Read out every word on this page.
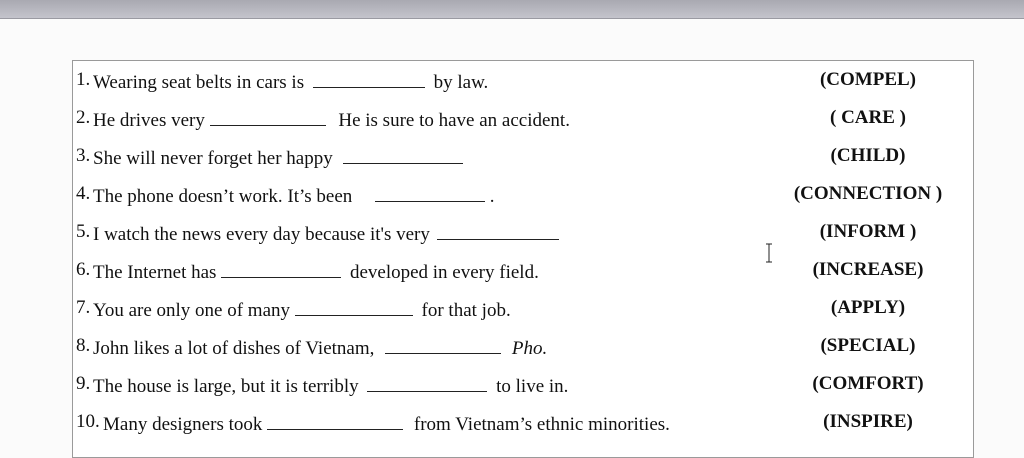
1. Wearing seat belts in cars is	by law.	(COMPEL)
2. He drives very	He is sure to have an accident.	( CARE )
3. She will never forget her happy	(CHILD)
4. The phone doesn’t work. It’s been	.	(CONNECTION )
5. I watch the news every day because it's very	(INFORM )
6. The Internet has	developed in every field.	(INCREASE)
7. You are only one of many	for that job.	(APPLY)
8. John likes a lot of dishes of Vietnam,	Pho.	(SPECIAL)
9. The house is large, but it is terribly	to live in.	(COMFORT)
10. Many designers took	from Vietnam’s ethnic minorities.	(INSPIRE)
